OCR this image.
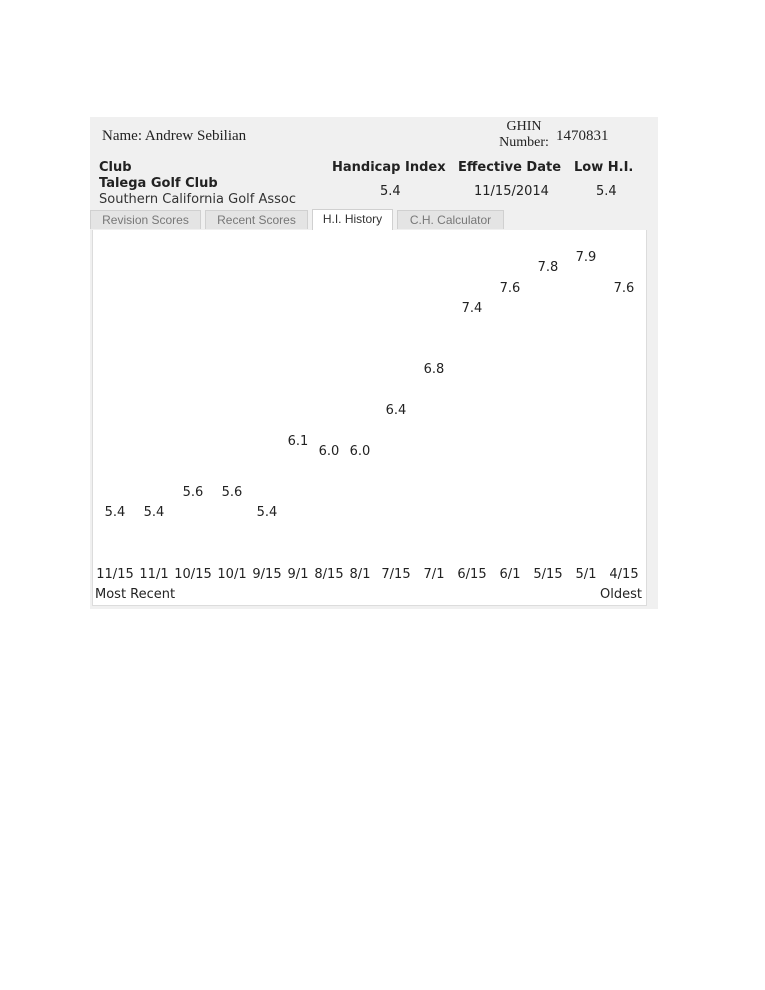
Name: Andrew Sebilian
GHIN
Number: 1470831
Club	Handicap Index Effective Date Low H.I.
Talega Golf Club
Southern California Golf Assoc
5.4	11/15/2014	5.4
Revision Scores	Recent Scores	H.I. History	C.H. Calculator
5.4 5.4
5.6 5.6
5.4
6.1
6.0 6.0
6.4
6.8
7.4
7.6
7.8
7.9
7.6
11/15 11/1 10/15 10/1 9/15 9/1 8/15 8/1 7/15 7/1 6/15 6/1 5/15 5/1 4/15
Most Recent	Oldest
